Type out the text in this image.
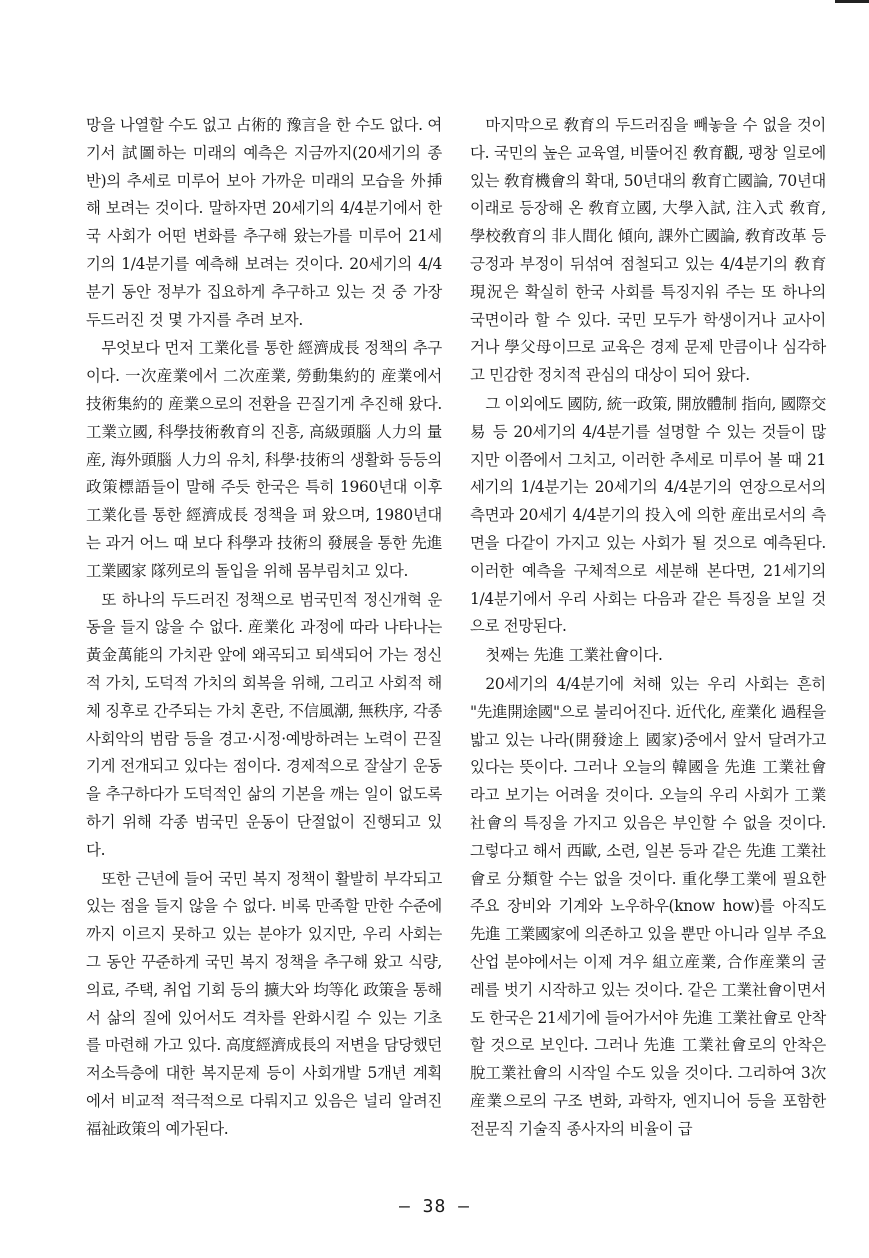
망을 나열할 수도 없고 占術的 豫言을 한 수도 없다. 여기서 試圖하는 미래의 예측은 지금까지(20세기의 종반)의 추세로 미루어 보아 가까운 미래의 모습을 外挿해 보려는 것이다. 말하자면 20세기의 4/4분기에서 한국 사회가 어떤 변화를 추구해 왔는가를 미루어 21세기의 1/4분기를 예측해 보려는 것이다. 20세기의 4/4분기 동안 정부가 집요하게 추구하고 있는 것 중 가장 두드러진 것 몇 가지를 추려 보자.

무엇보다 먼저 工業化를 통한 經濟成長 정책의 추구이다. 一次産業에서 二次産業, 勞動集約的 産業에서 技術集約的 産業으로의 전환을 끈질기게 추진해 왔다. 工業立國, 科學技術敎育의 진흥, 高級頭腦 人力의 量産, 海外頭腦 人力의 유치, 科學·技術의 생활화 등등의 政策標語들이 말해 주듯 한국은 특히 1960년대 이후 工業化를 통한 經濟成長 정책을 펴 왔으며, 1980년대는 과거 어느 때 보다 科學과 技術의 發展을 통한 先進 工業國家 隊列로의 돌입을 위해 몸부림치고 있다.

또 하나의 두드러진 정책으로 범국민적 정신개혁 운동을 들지 않을 수 없다. 産業化 과정에 따라 나타나는 黃金萬能의 가치관 앞에 왜곡되고 퇴색되어 가는 정신적 가치, 도덕적 가치의 회복을 위해, 그리고 사회적 해체 징후로 간주되는 가치 혼란, 不信風潮, 無秩序, 각종 사회악의 범람 등을 경고·시정·예방하려는 노력이 끈질기게 전개되고 있다는 점이다. 경제적으로 잘살기 운동을 추구하다가 도덕적인 삶의 기본을 깨는 일이 없도록 하기 위해 각종 범국민 운동이 단절없이 진행되고 있다.

또한 근년에 들어 국민 복지 정책이 활발히 부각되고 있는 점을 들지 않을 수 없다. 비록 만족할 만한 수준에 까지 이르지 못하고 있는 분야가 있지만, 우리 사회는 그 동안 꾸준하게 국민 복지 정책을 추구해 왔고 식량, 의료, 주택, 취업 기회 등의 擴大와 均等化 政策을 통해서 삶의 질에 있어서도 격차를 완화시킬 수 있는 기초를 마련해 가고 있다. 高度經濟成長의 저변을 담당했던 저소득층에 대한 복지문제 등이 사회개발 5개년 계획에서 비교적 적극적으로 다뤄지고 있음은 널리 알려진 福祉政策의 예가된다.

마지막으로 敎育의 두드러짐을 빼놓을 수 없을 것이다. 국민의 높은 교육열, 비뚤어진 敎育觀, 팽창 일로에 있는 敎育機會의 확대, 50년대의 敎育亡國論, 70년대 이래로 등장해 온 敎育立國, 大學入試, 注入式 敎育, 學校敎育의 非人間化 傾向, 課外亡國論, 敎育改革 등 긍정과 부정이 뒤섞여 점철되고 있는 4/4분기의 敎育現況은 확실히 한국 사회를 특징지워 주는 또 하나의 국면이라 할 수 있다. 국민 모두가 학생이거나 교사이거나 學父母이므로 교육은 경제 문제 만큼이나 심각하고 민감한 정치적 관심의 대상이 되어 왔다.

그 이외에도 國防, 統一政策, 開放體制 指向, 國際交易 등 20세기의 4/4분기를 설명할 수 있는 것들이 많지만 이쯤에서 그치고, 이러한 추세로 미루어 볼 때 21세기의 1/4분기는 20세기의 4/4분기의 연장으로서의 측면과 20세기 4/4분기의 投入에 의한 産出로서의 측면을 다같이 가지고 있는 사회가 될 것으로 예측된다. 이러한 예측을 구체적으로 세분해 본다면, 21세기의 1/4분기에서 우리 사회는 다음과 같은 특징을 보일 것으로 전망된다.

첫째는 先進 工業社會이다.

20세기의 4/4분기에 처해 있는 우리 사회는 흔히 "先進開途國"으로 불리어진다. 近代化, 産業化 過程을 밟고 있는 나라(開發途上 國家)중에서 앞서 달려가고 있다는 뜻이다. 그러나 오늘의 韓國을 先進 工業社會라고 보기는 어려울 것이다. 오늘의 우리 사회가 工業社會의 특징을 가지고 있음은 부인할 수 없을 것이다. 그렇다고 해서 西歐, 소련, 일본 등과 같은 先進 工業社會로 分類할 수는 없을 것이다. 重化學工業에 필요한 주요 장비와 기계와 노우하우(know how)를 아직도 先進 工業國家에 의존하고 있을 뿐만 아니라 일부 주요 산업 분야에서는 이제 겨우 組立産業, 合作産業의 굴레를 벗기 시작하고 있는 것이다. 같은 工業社會이면서도 한국은 21세기에 들어가서야 先進 工業社會로 안착할 것으로 보인다. 그러나 先進 工業社會로의 안착은 脫工業社會의 시작일 수도 있을 것이다. 그리하여 3次産業으로의 구조 변화, 과학자, 엔지니어 등을 포함한 전문직 기술직 종사자의 비율이 급

— 38 —
